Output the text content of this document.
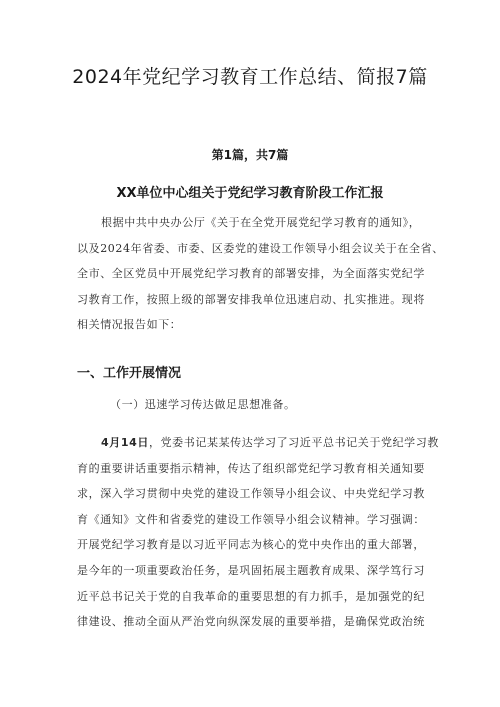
2024年党纪学习教育工作总结、简报7篇
第1篇，共7篇
XX单位中心组关于党纪学习教育阶段工作汇报
根据中共中央办公厅《关于在全党开展党纪学习教育的通知》，
以及2024年省委、市委、区委党的建设工作领导小组会议关于在全省、
全市、全区党员中开展党纪学习教育的部署安排，为全面落实党纪学
习教育工作，按照上级的部署安排我单位迅速启动、扎实推进。现将
相关情况报告如下：
一、工作开展情况
（一）迅速学习传达做足思想准备。
4月14日，党委书记某某传达学习了习近平总书记关于党纪学习教
育的重要讲话重要指示精神，传达了组织部党纪学习教育相关通知要
求，深入学习贯彻中央党的建设工作领导小组会议、中央党纪学习教
育《通知》文件和省委党的建设工作领导小组会议精神。学习强调：
开展党纪学习教育是以习近平同志为核心的党中央作出的重大部署，
是今年的一项重要政治任务，是巩固拓展主题教育成果、深学笃行习
近平总书记关于党的自我革命的重要思想的有力抓手，是加强党的纪
律建设、推动全面从严治党向纵深发展的重要举措，是确保党政治统
